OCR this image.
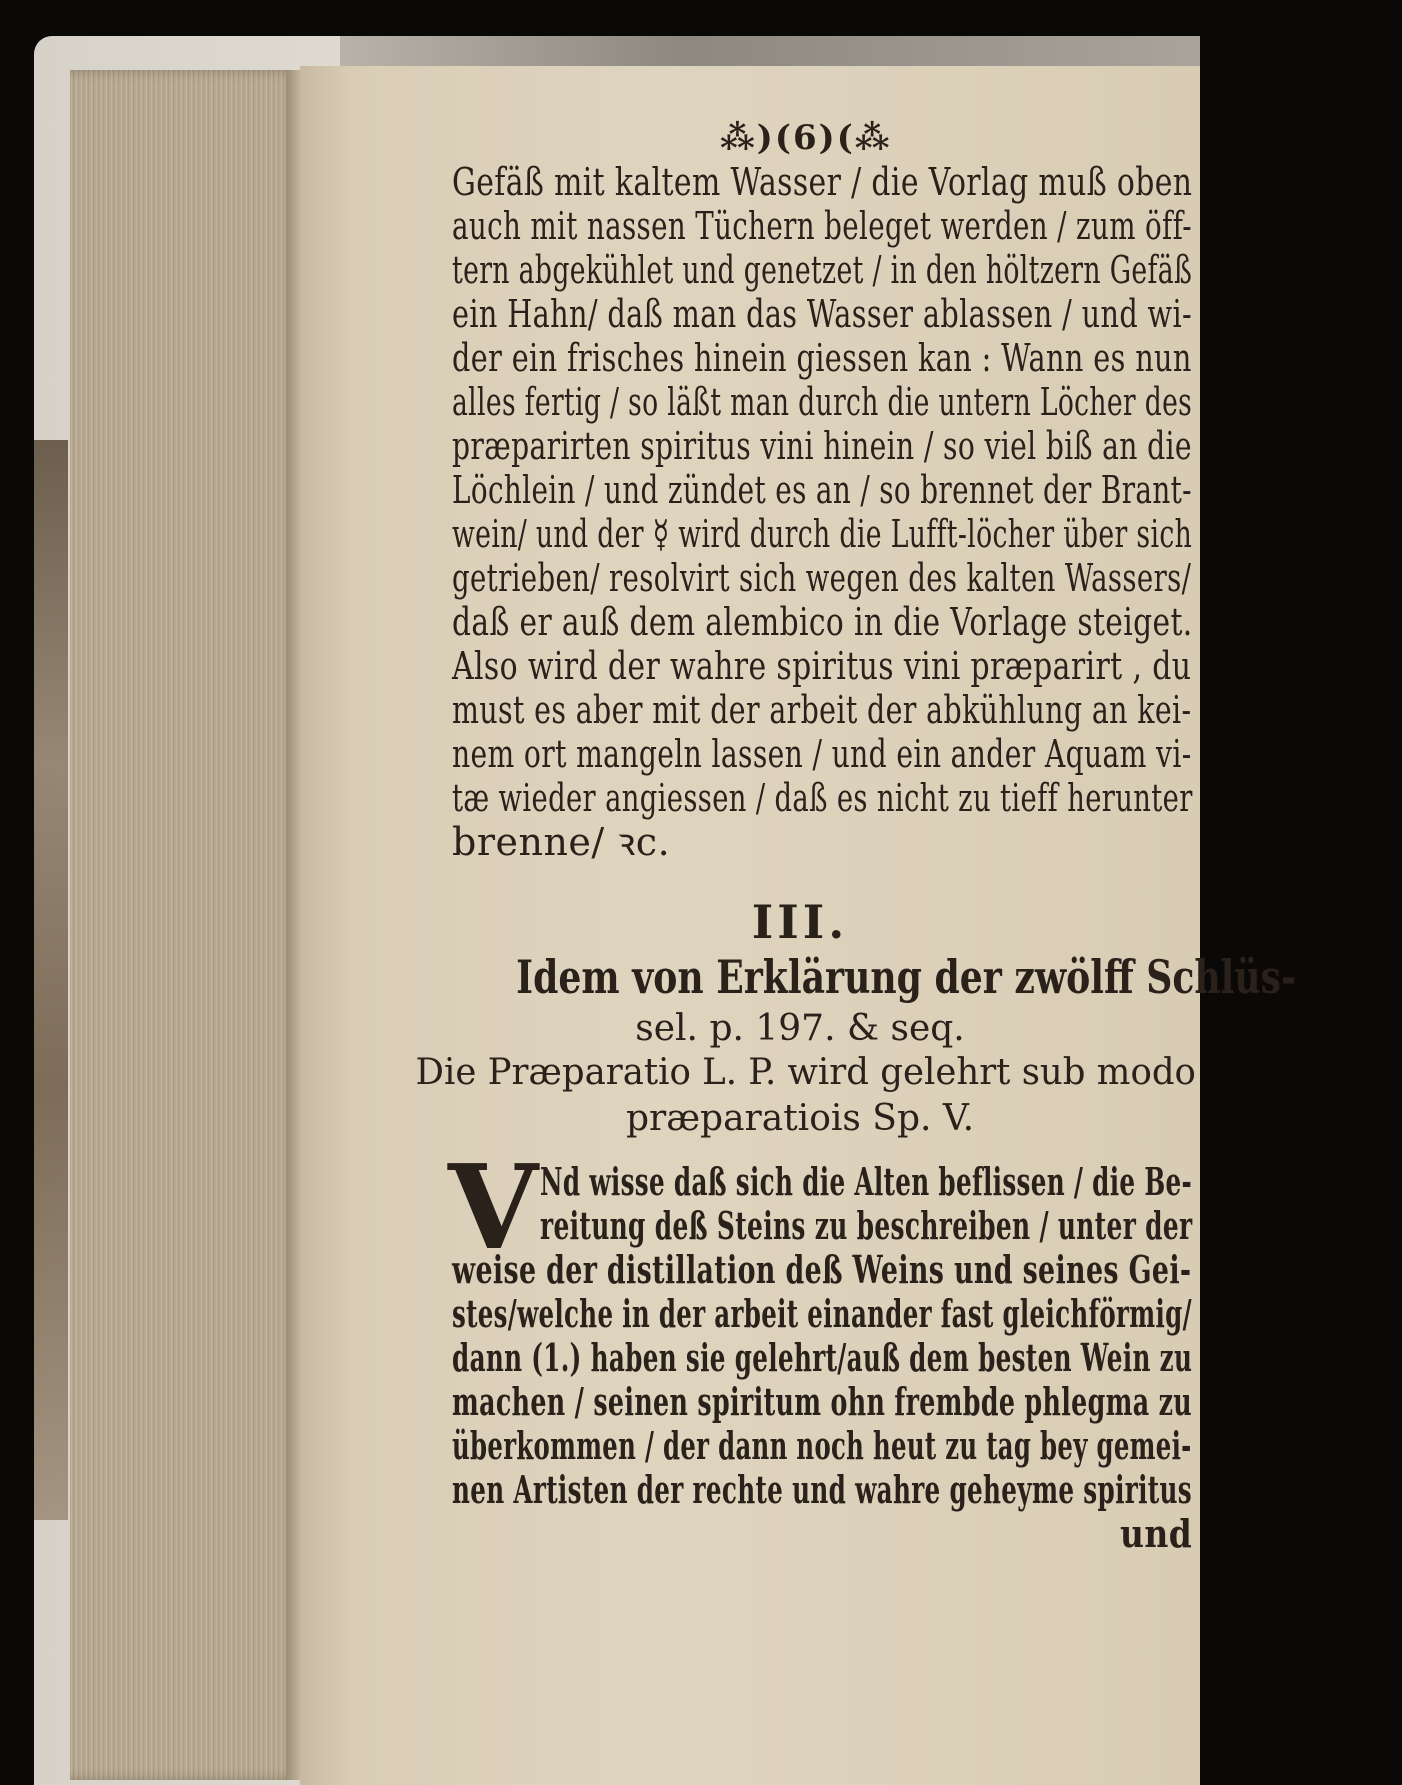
⁂)(6)(⁂
Gefäß mit kaltem Wasser / die Vorlag muß oben
auch mit nassen Tüchern beleget werden / zum öff-
tern abgekühlet und genetzet / in den höltzern Gefäß
ein Hahn/ daß man das Wasser ablassen / und wi-
der ein frisches hinein giessen kan : Wann es nun
alles fertig / so läßt man durch die untern Löcher des
præparirten spiritus vini hinein / so viel biß an die
Löchlein / und zündet es an / so brennet der Brant-
wein/ und der ☿ wird durch die Lufft-löcher über sich
getrieben/ resolvirt sich wegen des kalten Wassers/
daß er auß dem alembico in die Vorlage steiget.
Also wird der wahre spiritus vini præparirt , du
must es aber mit der arbeit der abkühlung an kei-
nem ort mangeln lassen / und ein ander Aquam vi-
tæ wieder angiessen / daß es nicht zu tieff herunter
brenne/ ꝛc.
III.
Idem von Erklärung der zwölff Schlüs-
sel. p. 197. & seq.
Die Præparatio L. P. wird gelehrt sub modo
præparatiois Sp. V.
V Nd wisse daß sich die Alten beflissen / die Be-
reitung deß Steins zu beschreiben / unter der
weise der distillation deß Weins und seines Gei-
stes/welche in der arbeit einander fast gleichförmig/
dann (1.) haben sie gelehrt/auß dem besten Wein zu
machen / seinen spiritum ohn frembde phlegma zu
überkommen / der dann noch heut zu tag bey gemei-
nen Artisten der rechte und wahre geheyme spiritus
und
